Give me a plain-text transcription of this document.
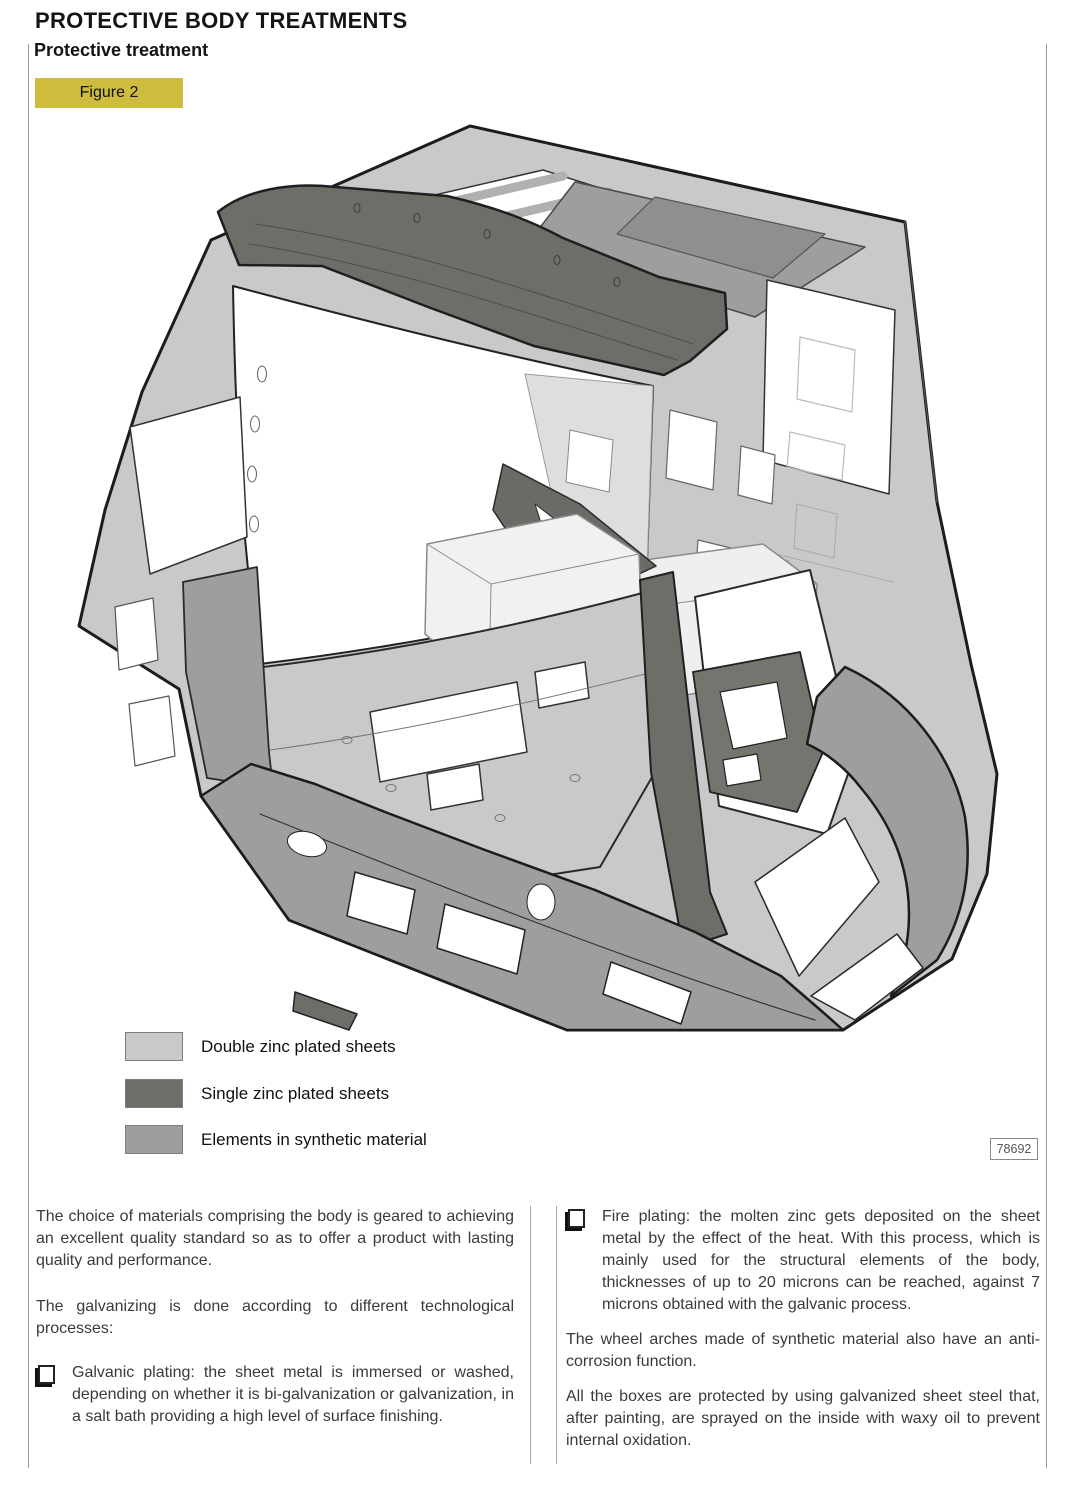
PROTECTIVE BODY TREATMENTS
Protective treatment
Figure 2
Double zinc plated sheets
Single zinc plated sheets
Elements in synthetic material
78692

The choice of materials comprising the body is geared to achieving an excellent quality standard so as to offer a product with lasting quality and performance.

The galvanizing is done according to different technological processes:

Galvanic plating: the sheet metal is immersed or washed, depending on whether it is bi-galvanization or galvanization, in a salt bath providing a high level of surface finishing.

Fire plating: the molten zinc gets deposited on the sheet metal by the effect of the heat. With this process, which is mainly used for the structural elements of the body, thicknesses of up to 20 microns can be reached, against 7 microns obtained with the galvanic process.

The wheel arches made of synthetic material also have an anti-corrosion function.

All the boxes are protected by using galvanized sheet steel that, after painting, are sprayed on the inside with waxy oil to prevent internal oxidation.
